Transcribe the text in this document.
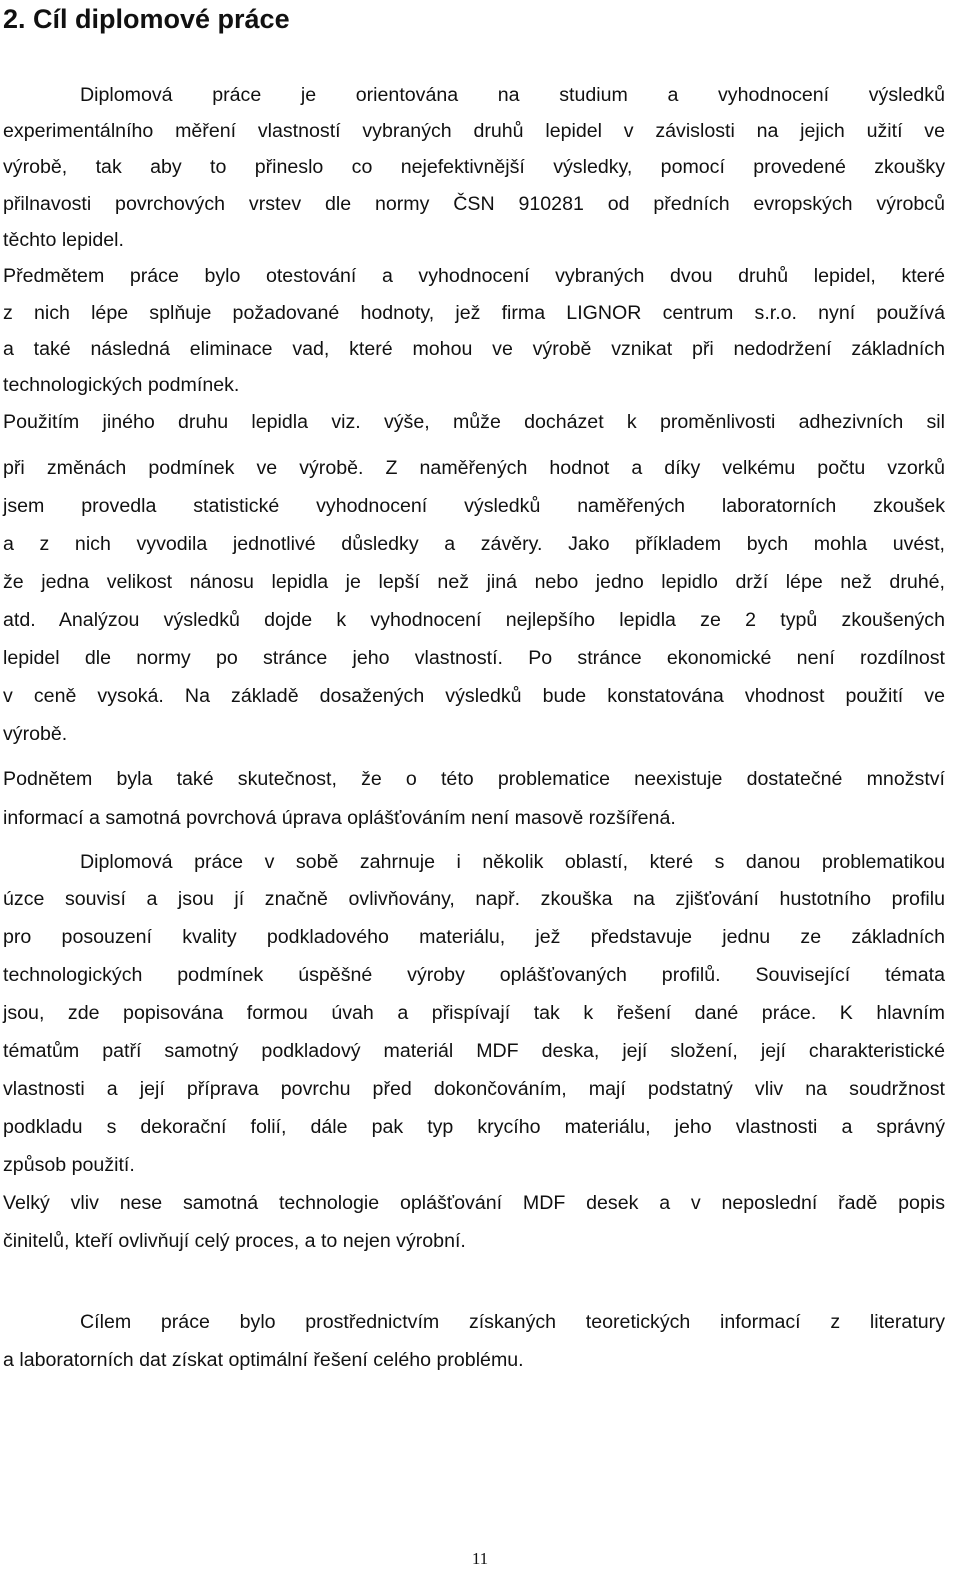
2. Cíl diplomové práce
Diplomová práce je orientována na studium a vyhodnocení výsledků
experimentálního měření vlastností vybraných druhů lepidel v závislosti na jejich užití ve
výrobě, tak aby to přineslo co nejefektivnější výsledky, pomocí provedené zkoušky
přilnavosti povrchových vrstev dle normy ČSN 910281 od předních evropských výrobců
těchto lepidel.
Předmětem práce bylo otestování a vyhodnocení vybraných dvou druhů lepidel, které
z nich lépe splňuje požadované hodnoty, jež firma LIGNOR centrum s.r.o. nyní používá
a také následná eliminace vad, které mohou ve výrobě vznikat při nedodržení základních
technologických podmínek.
Použitím jiného druhu lepidla viz. výše, může docházet k proměnlivosti adhezivních sil
při změnách podmínek ve výrobě. Z naměřených hodnot a díky velkému počtu vzorků
jsem provedla statistické vyhodnocení výsledků naměřených laboratorních zkoušek
a z nich vyvodila jednotlivé důsledky a závěry. Jako příkladem bych mohla uvést,
že jedna velikost nánosu lepidla je lepší než jiná nebo jedno lepidlo drží lépe než druhé,
atd. Analýzou výsledků dojde k vyhodnocení nejlepšího lepidla ze 2 typů zkoušených
lepidel dle normy po stránce jeho vlastností. Po stránce ekonomické není rozdílnost
v ceně vysoká. Na základě dosažených výsledků bude konstatována vhodnost použití ve
výrobě.
Podnětem byla také skutečnost, že o této problematice neexistuje dostatečné množství
informací a samotná povrchová úprava oplášťováním není masově rozšířená.
Diplomová práce v sobě zahrnuje i několik oblastí, které s danou problematikou
úzce souvisí a jsou jí značně ovlivňovány, např. zkouška na zjišťování hustotního profilu
pro posouzení kvality podkladového materiálu, jež představuje jednu ze základních
technologických podmínek úspěšné výroby oplášťovaných profilů. Související témata
jsou, zde popisována formou úvah a přispívají tak k řešení dané práce. K hlavním
tématům patří samotný podkladový materiál MDF deska, její složení, její charakteristické
vlastnosti a její příprava povrchu před dokončováním, mají podstatný vliv na soudržnost
podkladu s dekorační folií, dále pak typ krycího materiálu, jeho vlastnosti a správný
způsob použití.
Velký vliv nese samotná technologie oplášťování MDF desek a v neposlední řadě popis
činitelů, kteří ovlivňují celý proces, a to nejen výrobní.
Cílem práce bylo prostřednictvím získaných teoretických informací z literatury
a laboratorních dat získat optimální řešení celého problému.
11
